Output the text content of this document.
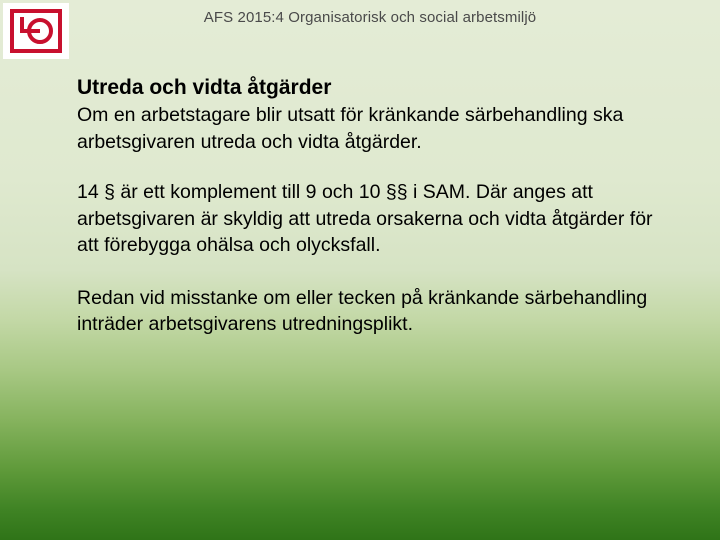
AFS 2015:4 Organisatorisk och social arbetsmiljö
Utreda och vidta åtgärder

Om en arbetstagare blir utsatt för kränkande särbehandling ska arbetsgivaren utreda och vidta åtgärder.

14 § är ett komplement till 9 och 10 §§ i SAM. Där anges att arbetsgivaren är skyldig att utreda orsakerna och vidta åtgärder för att förebygga ohälsa och olycksfall.

Redan vid misstanke om eller tecken på kränkande särbehandling inträder arbetsgivarens utredningsplikt.
